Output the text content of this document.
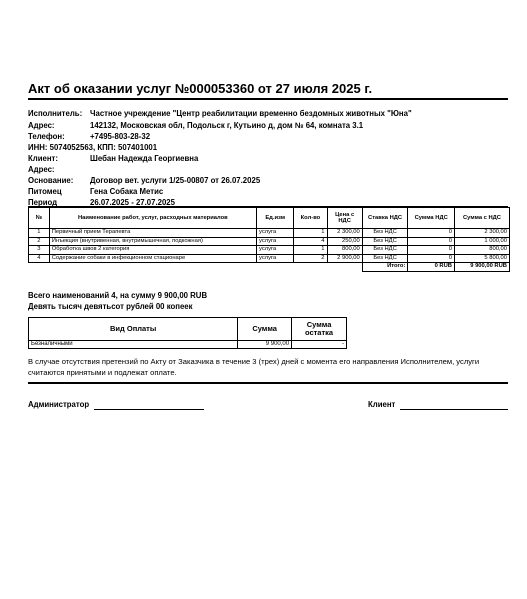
Акт об оказании услуг №000053360 от 27 июля 2025 г.
Исполнитель: Частное учреждение "Центр реабилитации временно бездомных животных "Юна"
Адрес:	142132, Московская обл, Подольск г, Кутьино д, дом № 64, комната 3.1
Телефон:	+7495-803-28-32
ИНН: 5074052563, КПП: 507401001
Клиент:	Шебан Надежда Георгиевна
Адрес:
Основание: Договор вет. услуги 1/25-00807 от 26.07.2025
Питомец	Гена Собака Метис
Период	26.07.2025 - 27.07.2025
№	Наименование работ, услуг, расходных материалов	Ед.изм	Кол-во	Цена с НДС	Ставка НДС	Сумма НДС	Сумма с НДС
1	Первичный прием Терапевта	услуга	1	2 300,00	Без НДС	0	2 300,00
2	Инъекция (внутривенная, внутримышечная, подкожная)	услуга	4	250,00	Без НДС	0	1 000,00
3	Обработка швов 2 категория	услуга	1	800,00	Без НДС	0	800,00
4	Содержание собаки в инфекционном стационаре	услуга	2	2 900,00	Без НДС	0	5 800,00
					Итого:	0 RUB	9 900,00 RUB
Всего наименований 4, на сумму 9 900,00 RUB
Девять тысяч девятьсот рублей 00 копеек
Вид Оплаты	Сумма	Сумма остатка
Безналичными	9 900,00	-
В случае отсутствия претензий по Акту от Заказчика в течение 3 (трех) дней с момента его направления Исполнителем, услуги считаются принятыми и подлежат оплате.
Администратор	Клиент
